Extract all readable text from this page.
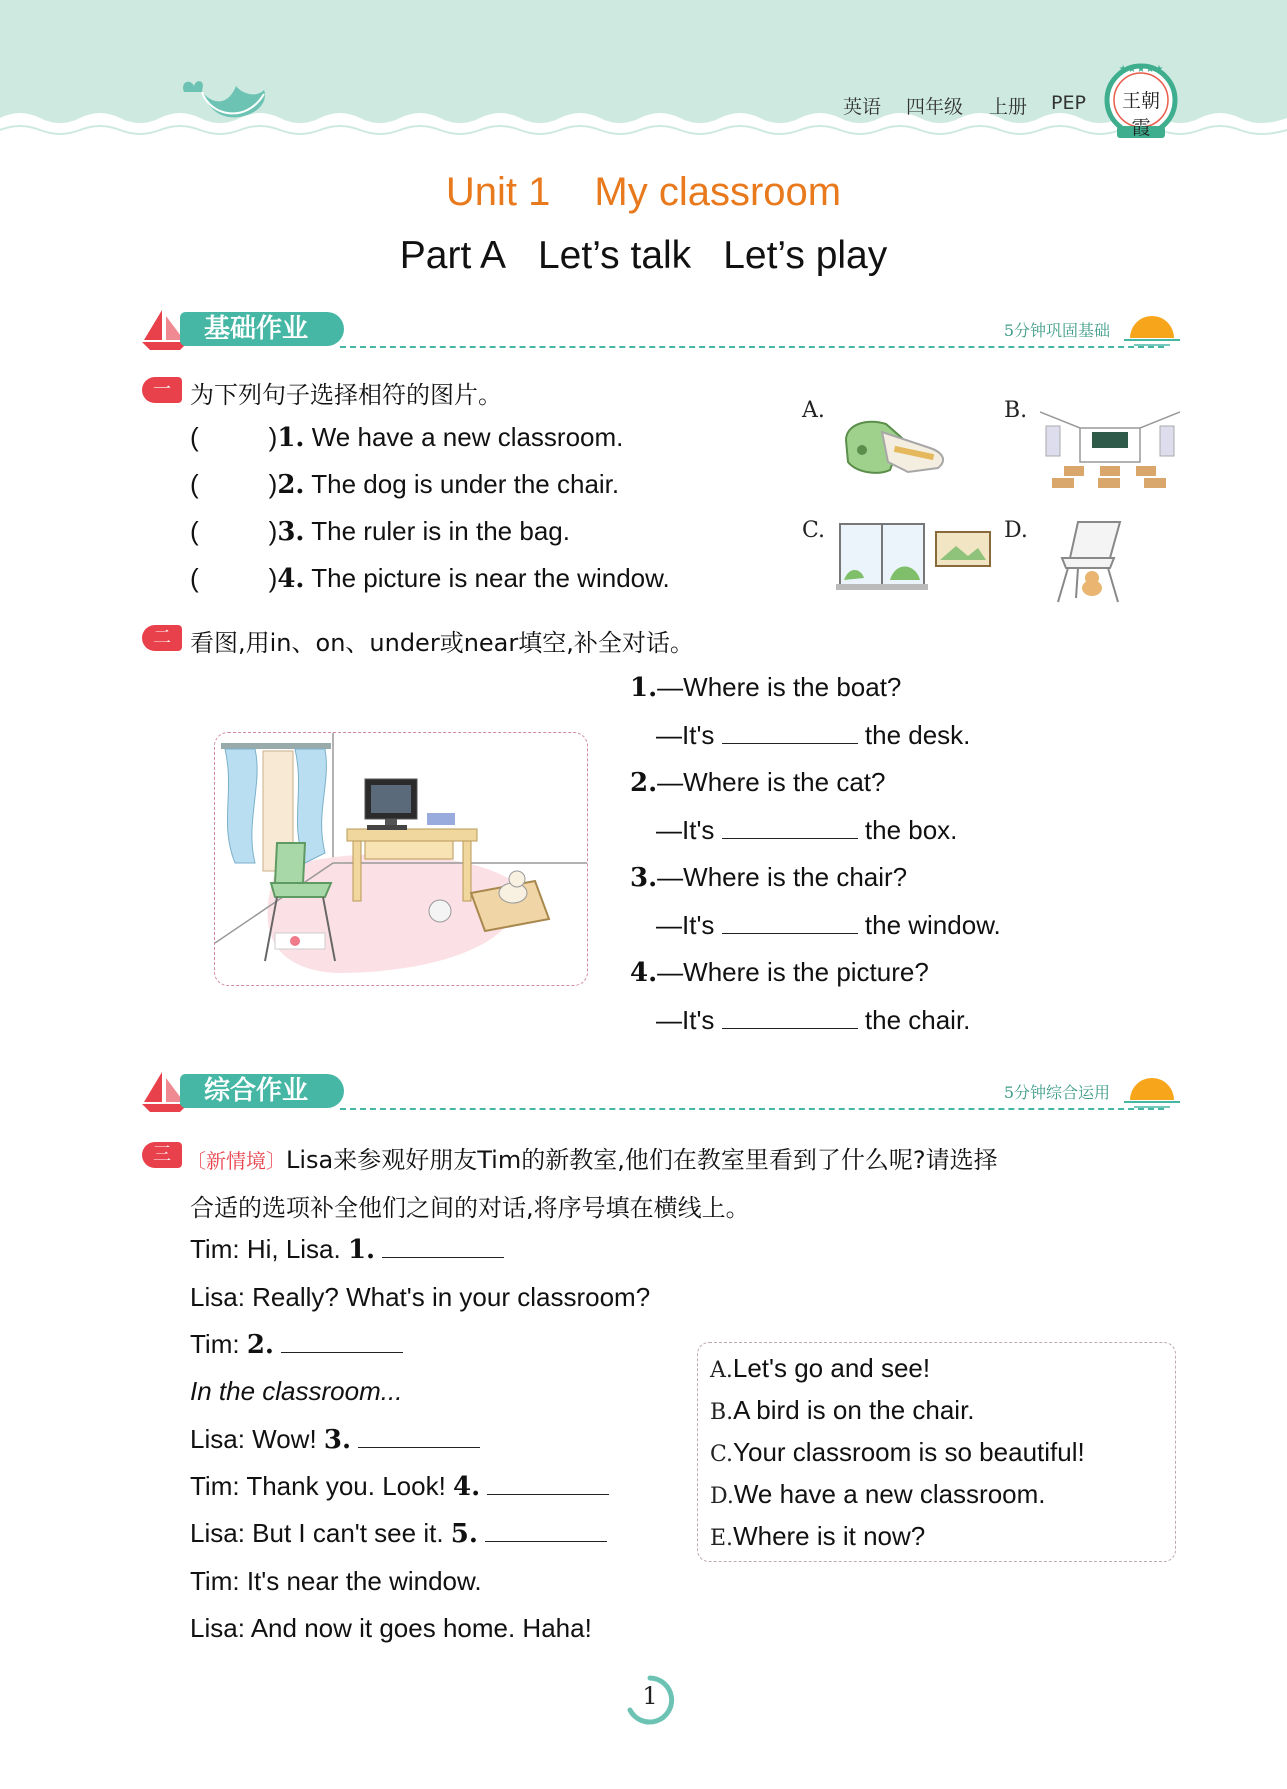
英语 四年级 上册 PEP
★★★★★
王朝霞
Unit 1 My classroom
Part A Let’s talk Let’s play
基础作业	5分钟巩固基础
一 为下列句子选择相符的图片。
(	)1. We have a new classroom.
(	)2. The dog is under the chair.
(	)3. The ruler is in the bag.
(	)4. The picture is near the window.
A.	B.
C.	D.
二 看图,用in、on、under或near填空,补全对话。
1.—Where is the boat?
—It's	the desk.
2.—Where is the cat?
—It's	the box.
3.—Where is the chair?
—It's	the window.
4.—Where is the picture?
—It's	the chair.
综合作业	5分钟综合运用
三 〔新情境〕Lisa来参观好朋友Tim的新教室,他们在教室里看到了什么呢?请选择
合适的选项补全他们之间的对话,将序号填在横线上。
Tim: Hi, Lisa. 1.
Lisa: Really? What's in your classroom?
Tim: 2.
In the classroom...
Lisa: Wow! 3.
Tim: Thank you. Look! 4.
Lisa: But I can't see it. 5.
Tim: It's near the window.
Lisa: And now it goes home. Haha!
A.Let's go and see!
B.A bird is on the chair.
C.Your classroom is so beautiful!
D.We have a new classroom.
E.Where is it now?
1
